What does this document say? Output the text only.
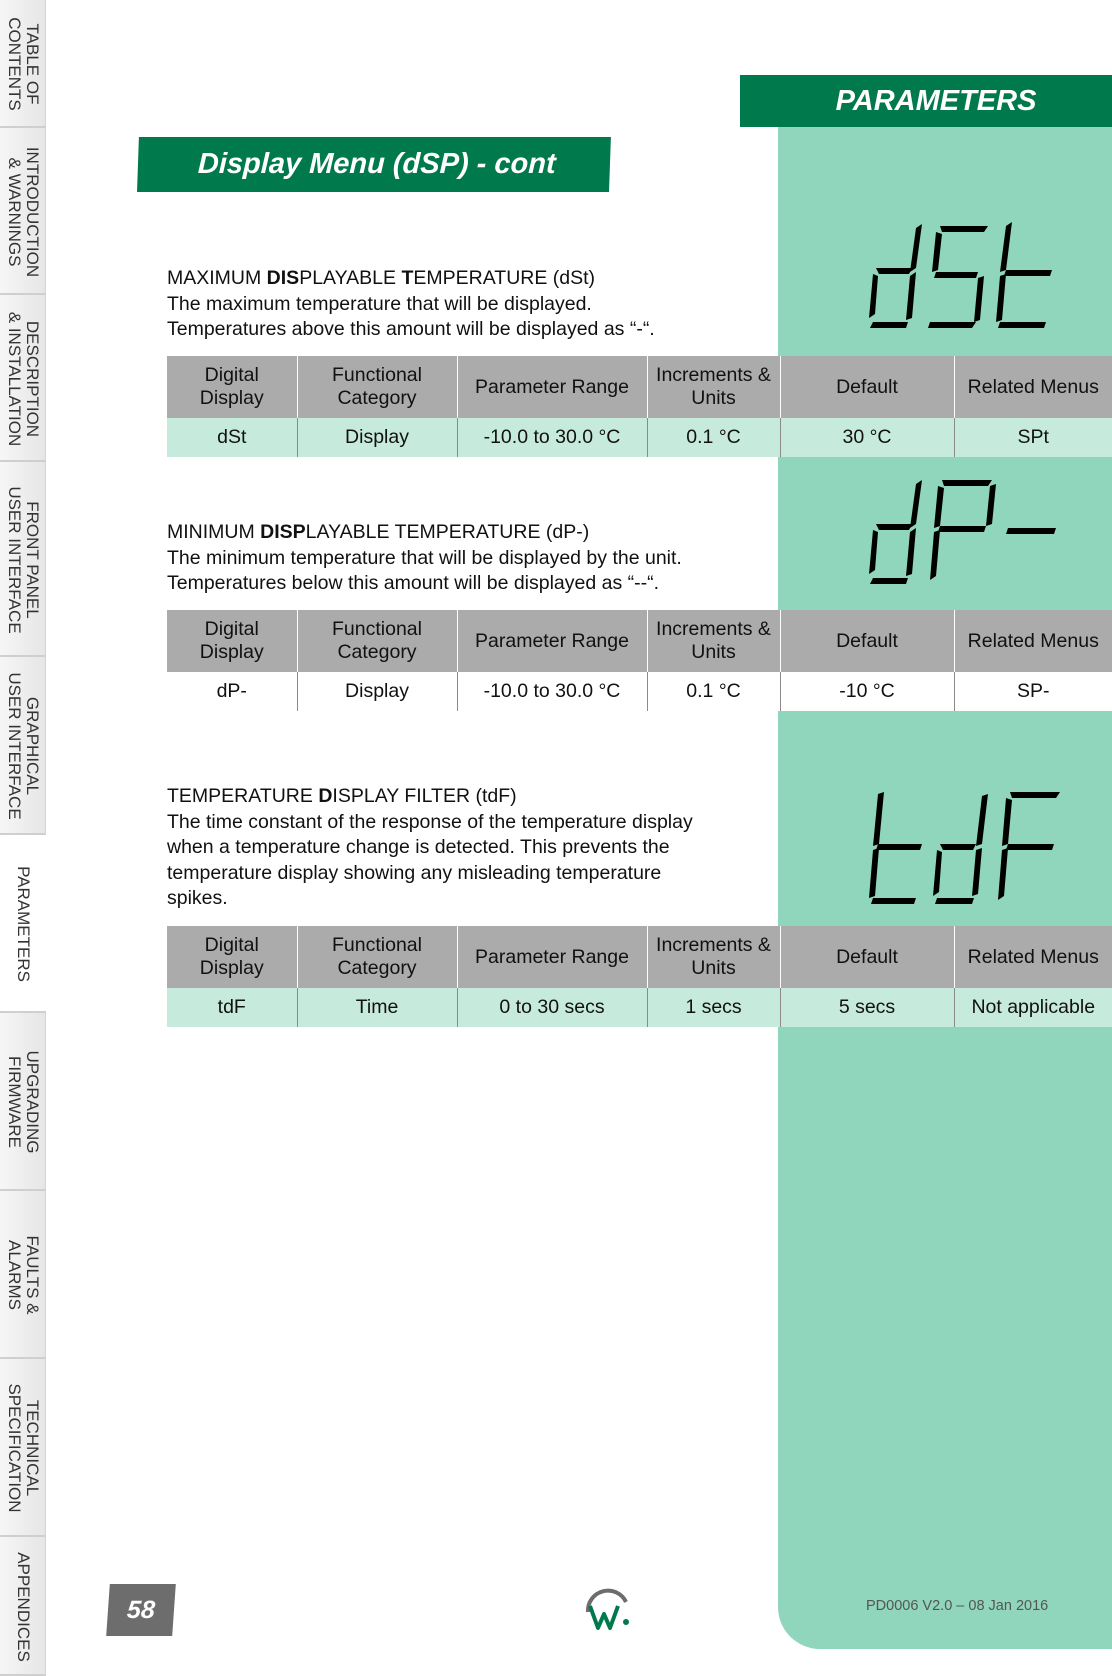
TABLE OF
CONTENTS
INTRODUCTION
& WARNINGS
DESCRIPTION
& INSTALLATION
FRONT PANEL
USER INTERFACE
GRAPHICAL
USER INTERFACE
PARAMETERS
UPGRADING
FIRMWARE
FAULTS &
ALARMS
TECHNICAL
SPECIFICATION
APPENDICES
PARAMETERS
Display Menu (dSP) - cont
MAXIMUM DISPLAYABLE TEMPERATURE (dSt)
The maximum temperature that will be displayed.
Temperatures above this amount will be displayed as “-“.
Digital Display	Functional Category	Parameter Range	Increments & Units	Default	Related Menus
dSt	Display	-10.0 to 30.0 °C	0.1 °C	30 °C	SPt
MINIMUM DISPLAYABLE TEMPERATURE (dP-)
The minimum temperature that will be displayed by the unit.
Temperatures below this amount will be displayed as “--“.
Digital Display	Functional Category	Parameter Range	Increments & Units	Default	Related Menus
dP-	Display	-10.0 to 30.0 °C	0.1 °C	-10 °C	SP-
TEMPERATURE DISPLAY FILTER (tdF)
The time constant of the response of the temperature display
when a temperature change is detected. This prevents the
temperature display showing any misleading temperature
spikes.
Digital Display	Functional Category	Parameter Range	Increments & Units	Default	Related Menus
tdF	Time	0 to 30 secs	1 secs	5 secs	Not applicable
58	PD0006 V2.0 – 08 Jan 2016
